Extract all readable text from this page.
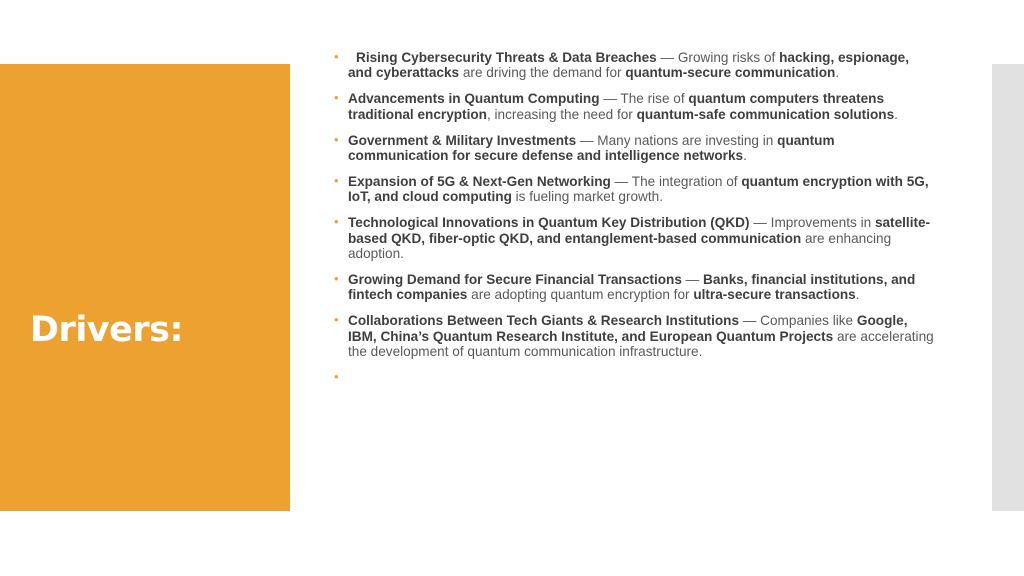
Drivers:
• Rising Cybersecurity Threats & Data Breaches — Growing risks of hacking, espionage, and cyberattacks are driving the demand for quantum-secure communication.
• Advancements in Quantum Computing — The rise of quantum computers threatens traditional encryption, increasing the need for quantum-safe communication solutions.
• Government & Military Investments — Many nations are investing in quantum communication for secure defense and intelligence networks.
• Expansion of 5G & Next-Gen Networking — The integration of quantum encryption with 5G, IoT, and cloud computing is fueling market growth.
• Technological Innovations in Quantum Key Distribution (QKD) — Improvements in satellite-based QKD, fiber-optic QKD, and entanglement-based communication are enhancing adoption.
• Growing Demand for Secure Financial Transactions — Banks, financial institutions, and fintech companies are adopting quantum encryption for ultra-secure transactions.
• Collaborations Between Tech Giants & Research Institutions — Companies like Google, IBM, China’s Quantum Research Institute, and European Quantum Projects are accelerating the development of quantum communication infrastructure.
•
